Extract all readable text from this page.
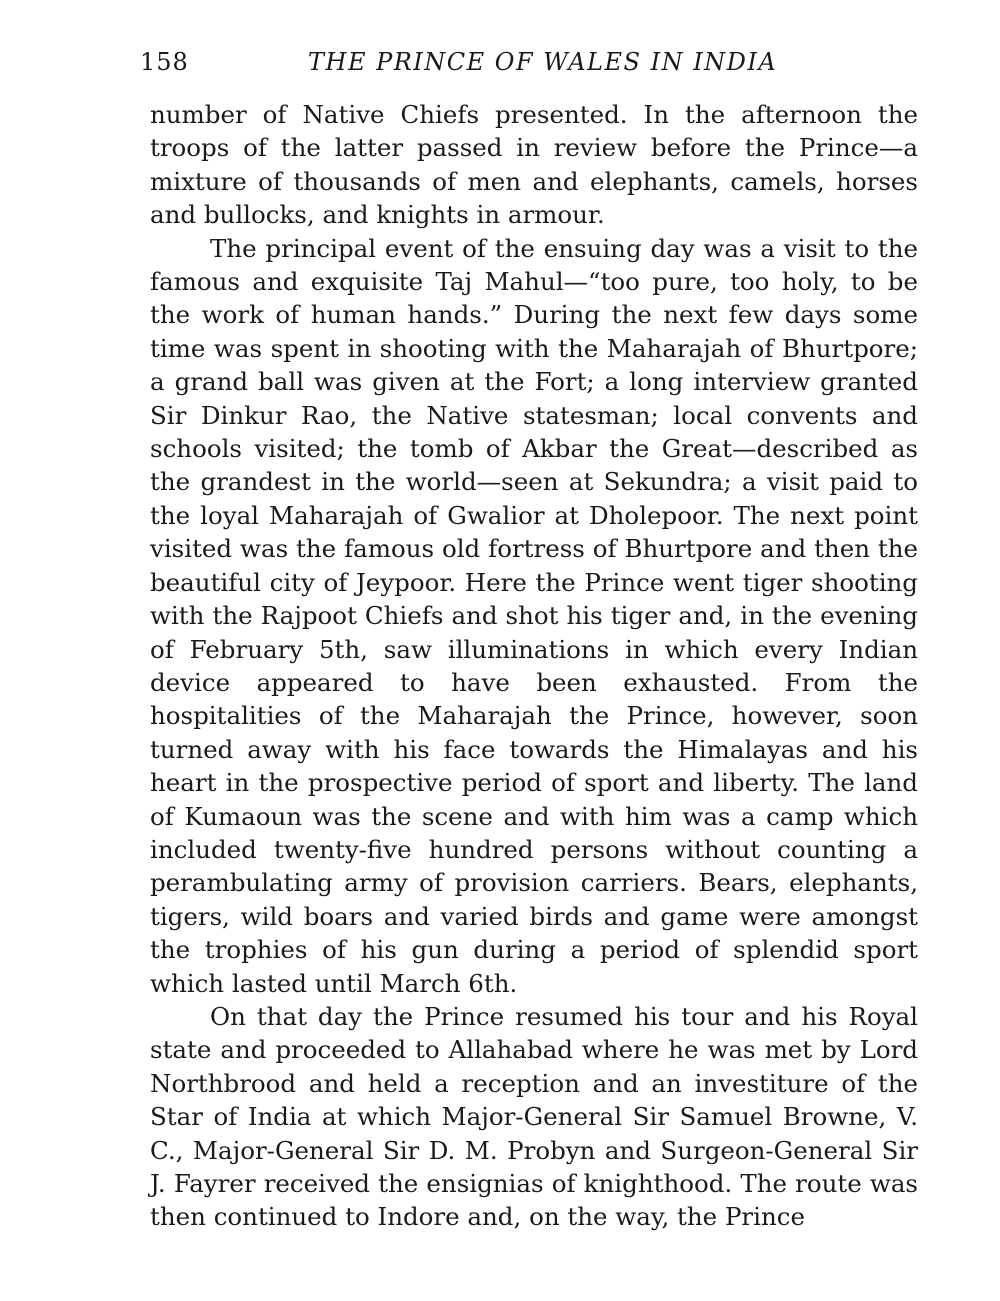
158	THE PRINCE OF WALES IN INDIA

number of Native Chiefs presented. In the afternoon the troops of the latter passed in review before the Prince—a mixture of thousands of men and elephants, camels, horses and bullocks, and knights in armour.

The principal event of the ensuing day was a visit to the famous and exquisite Taj Mahul—“too pure, too holy, to be the work of human hands.” During the next few days some time was spent in shooting with the Maharajah of Bhurtpore; a grand ball was given at the Fort; a long interview granted Sir Dinkur Rao, the Native statesman; local convents and schools visited; the tomb of Akbar the Great—described as the grandest in the world—seen at Sekundra; a visit paid to the loyal Maharajah of Gwalior at Dholepoor. The next point visited was the famous old fortress of Bhurtpore and then the beautiful city of Jeypoor. Here the Prince went tiger shooting with the Rajpoot Chiefs and shot his tiger and, in the evening of February 5th, saw illuminations in which every Indian device appeared to have been exhausted. From the hospitalities of the Maharajah the Prince, however, soon turned away with his face towards the Himalayas and his heart in the prospective period of sport and liberty. The land of Kumaoun was the scene and with him was a camp which included twenty-five hundred persons without counting a perambulating army of provision carriers. Bears, elephants, tigers, wild boars and varied birds and game were amongst the trophies of his gun during a period of splendid sport which lasted until March 6th.

On that day the Prince resumed his tour and his Royal state and proceeded to Allahabad where he was met by Lord Northbrood and held a reception and an investiture of the Star of India at which Major-General Sir Samuel Browne, V. C., Major-General Sir D. M. Probyn and Surgeon-General Sir J. Fayrer received the ensignias of knighthood. The route was then continued to Indore and, on the way, the Prince
